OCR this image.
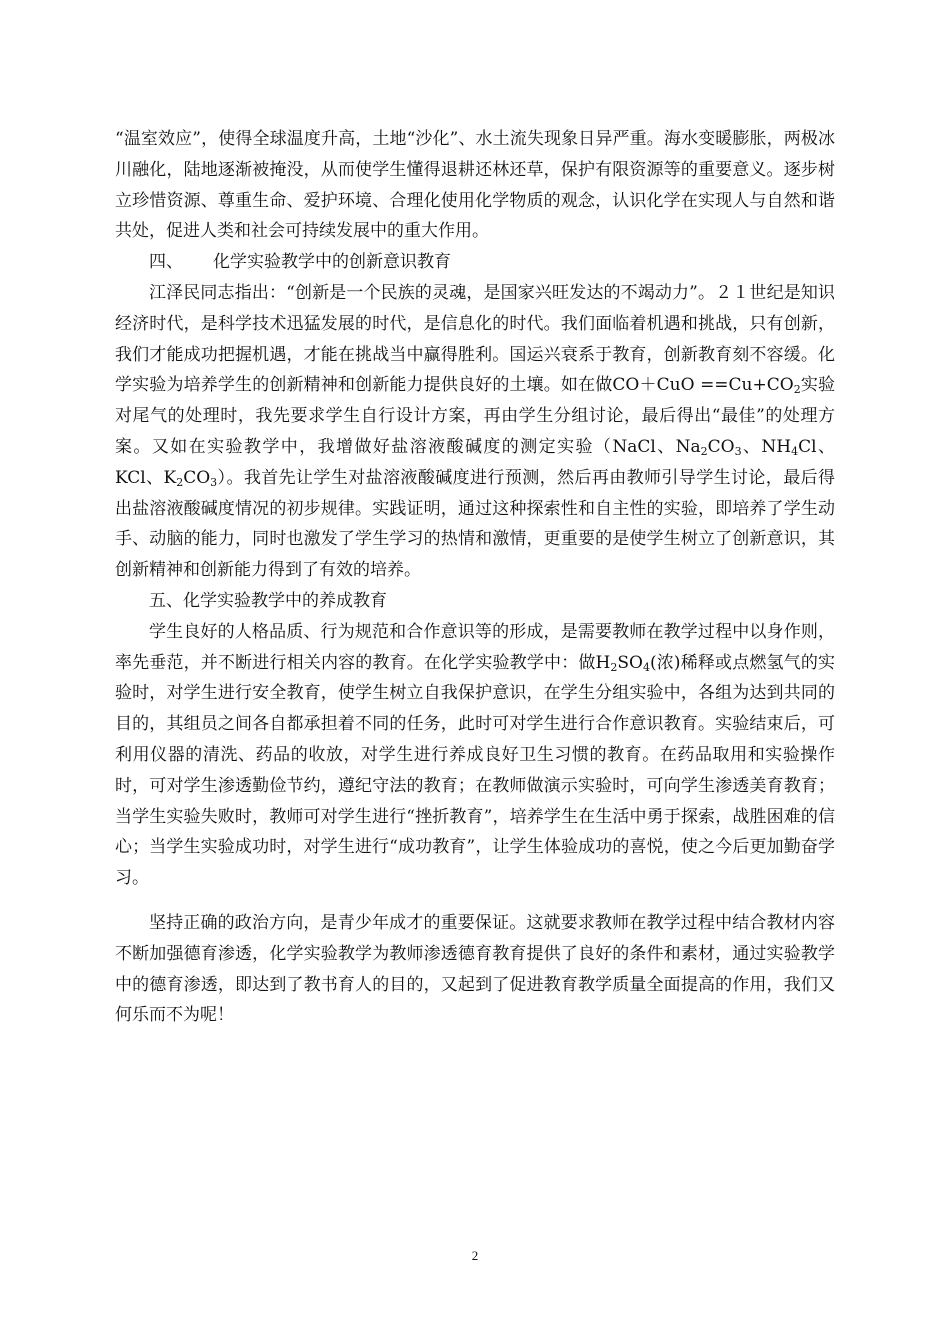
“温室效应”，使得全球温度升高，土地“沙化”、水土流失现象日异严重。海水变暖膨胀，两极冰川融化，陆地逐渐被掩没，从而使学生懂得退耕还林还草，保护有限资源等的重要意义。逐步树立珍惜资源、尊重生命、爱护环境、合理化使用化学物质的观念，认识化学在实现人与自然和谐共处，促进人类和社会可持续发展中的重大作用。

四、 化学实验教学中的创新意识教育

江泽民同志指出：“创新是一个民族的灵魂，是国家兴旺发达的不竭动力”。２１世纪是知识经济时代，是科学技术迅猛发展的时代，是信息化的时代。我们面临着机遇和挑战，只有创新，我们才能成功把握机遇，才能在挑战当中赢得胜利。国运兴衰系于教育，创新教育刻不容缓。化学实验为培养学生的创新精神和创新能力提供良好的土壤。如在做$CO+CuO ==Cu+CO_2$实验对尾气的处理时，我先要求学生自行设计方案，再由学生分组讨论，最后得出“最佳”的处理方案。又如在实验教学中，我增做好盐溶液酸碱度的测定实验（NaCl、$Na_2CO_3$、$NH_4Cl$、KCl、$K_2CO_3$）。我首先让学生对盐溶液酸碱度进行预测，然后再由教师引导学生讨论，最后得出盐溶液酸碱度情况的初步规律。实践证明，通过这种探索性和自主性的实验，即培养了学生动手、动脑的能力，同时也激发了学生学习的热情和激情，更重要的是使学生树立了创新意识，其创新精神和创新能力得到了有效的培养。

五、化学实验教学中的养成教育

学生良好的人格品质、行为规范和合作意识等的形成，是需要教师在教学过程中以身作则，率先垂范，并不断进行相关内容的教育。在化学实验教学中：做$H_2SO_4$(浓)稀释或点燃氢气的实验时，对学生进行安全教育，使学生树立自我保护意识，在学生分组实验中，各组为达到共同的目的，其组员之间各自都承担着不同的任务，此时可对学生进行合作意识教育。实验结束后，可利用仪器的清洗、药品的收放，对学生进行养成良好卫生习惯的教育。在药品取用和实验操作时，可对学生渗透勤俭节约，遵纪守法的教育；在教师做演示实验时，可向学生渗透美育教育；当学生实验失败时，教师可对学生进行“挫折教育”，培养学生在生活中勇于探索，战胜困难的信心；当学生实验成功时，对学生进行“成功教育”，让学生体验成功的喜悦，使之今后更加勤奋学习。

坚持正确的政治方向，是青少年成才的重要保证。这就要求教师在教学过程中结合教材内容不断加强德育渗透，化学实验教学为教师渗透德育教育提供了良好的条件和素材，通过实验教学中的德育渗透，即达到了教书育人的目的，又起到了促进教育教学质量全面提高的作用，我们又何乐而不为呢！

2
